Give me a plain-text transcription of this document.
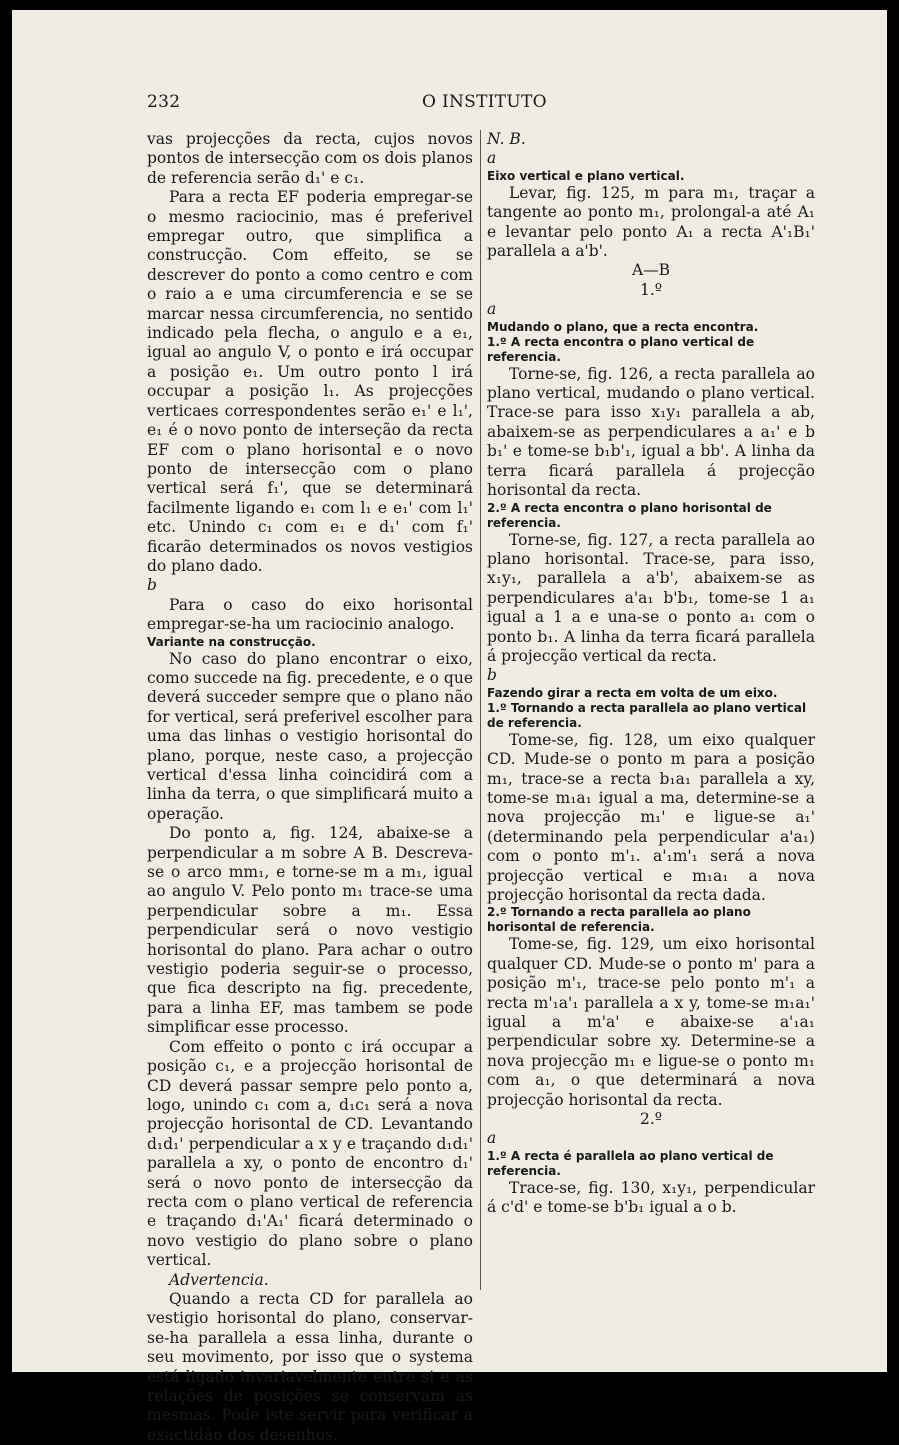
232	O INSTITUTO

vas projecções da recta, cujos novos pontos de intersecção com os dois planos de referencia serão d₁' e c₁.

Para a recta EF poderia empregar-se o mesmo raciocinio, mas é preferivel empregar outro, que simplifica a construcção. Com effeito, se se descrever do ponto a como centro e com o raio a e uma circumferencia e se se marcar nessa circumferencia, no sentido indicado pela flecha, o angulo e a e₁, igual ao angulo V, o ponto e irá occupar a posição e₁. Um outro ponto l irá occupar a posição l₁. As projecções verticaes correspondentes serão e₁' e l₁', e₁ é o novo ponto de interseção da recta EF com o plano horisontal e o novo ponto de intersecção com o plano vertical será f₁', que se determinará facilmente ligando e₁ com l₁ e e₁' com l₁' etc. Unindo c₁ com e₁ e d₁' com f₁' ficarão determinados os novos vestigios do plano dado.

b

Para o caso do eixo horisontal empregar-se-ha um raciocinio analogo.

Variante na construcção.

No caso do plano encontrar o eixo, como succede na fig. precedente, e o que deverá succeder sempre que o plano não for vertical, será preferivel escolher para uma das linhas o vestigio horisontal do plano, porque, neste caso, a projecção vertical d'essa linha coincidirá com a linha da terra, o que simplificará muito a operação.

Do ponto a, fig. 124, abaixe-se a perpendicular a m sobre A B. Descreva-se o arco mm₁, e torne-se m a m₁, igual ao angulo V. Pelo ponto m₁ trace-se uma perpendicular sobre a m₁. Essa perpendicular será o novo vestigio horisontal do plano. Para achar o outro vestigio poderia seguir-se o processo, que fica descripto na fig. precedente, para a linha EF, mas tambem se pode simplificar esse processo.

Com effeito o ponto c irá occupar a posição c₁, e a projecção horisontal de CD deverá passar sempre pelo ponto a, logo, unindo c₁ com a, d₁c₁ será a nova projecção horisontal de CD. Levantando d₁d₁' perpendicular a x y e traçando d₁d₁' parallela a xy, o ponto de encontro d₁' será o novo ponto de intersecção da recta com o plano vertical de referencia e traçando d₁'A₁' ficará determinado o novo vestigio do plano sobre o plano vertical.

Advertencia.

Quando a recta CD for parallela ao vestigio horisontal do plano, conservar-se-ha parallela a essa linha, durante o seu movimento, por isso que o systema está ligado invariavelmente entre si e as relações de posições se conservam as mesmas. Pode iste servir para verificar a exactidão dos desenhos.

N. B.

a

Eixo vertical e plano vertical.

Levar, fig. 125, m para m₁, traçar a tangente ao ponto m₁, prolongal-a até A₁ e levantar pelo ponto A₁ a recta A'₁B₁' parallela a a'b'.

A—B

1.º

a

Mudando o plano, que a recta encontra.

1.º A recta encontra o plano vertical de referencia.

Torne-se, fig. 126, a recta parallela ao plano vertical, mudando o plano vertical. Trace-se para isso x₁y₁ parallela a ab, abaixem-se as perpendiculares a a₁' e b b₁' e tome-se b₁b'₁, igual a bb'. A linha da terra ficará parallela á projecção horisontal da recta.

2.º A recta encontra o plano horisontal de referencia.

Torne-se, fig. 127, a recta parallela ao plano horisontal. Trace-se, para isso, x₁y₁, parallela a a'b', abaixem-se as perpendiculares a'a₁ b'b₁, tome-se 1 a₁ igual a 1 a e una-se o ponto a₁ com o ponto b₁. A linha da terra ficará parallela á projecção vertical da recta.

b

Fazendo girar a recta em volta de um eixo.

1.º Tornando a recta parallela ao plano vertical de referencia.

Tome-se, fig. 128, um eixo qualquer CD. Mude-se o ponto m para a posição m₁, trace-se a recta b₁a₁ parallela a xy, tome-se m₁a₁ igual a ma, determine-se a nova projecção m₁' e ligue-se a₁' (determinando pela perpendicular a'a₁) com o ponto m'₁. a'₁m'₁ será a nova projecção vertical e m₁a₁ a nova projecção horisontal da recta dada.

2.º Tornando a recta parallela ao plano horisontal de referencia.

Tome-se, fig. 129, um eixo horisontal qualquer CD. Mude-se o ponto m' para a posição m'₁, trace-se pelo ponto m'₁ a recta m'₁a'₁ parallela a x y, tome-se m₁a₁' igual a m'a' e abaixe-se a'₁a₁ perpendicular sobre xy. Determine-se a nova projecção m₁ e ligue-se o ponto m₁ com a₁, o que determinará a nova projecção horisontal da recta.

2.º

a

1.º A recta é parallela ao plano vertical de referencia.

Trace-se, fig. 130, x₁y₁, perpendicular á c'd' e tome-se b'b₁ igual a o b.
